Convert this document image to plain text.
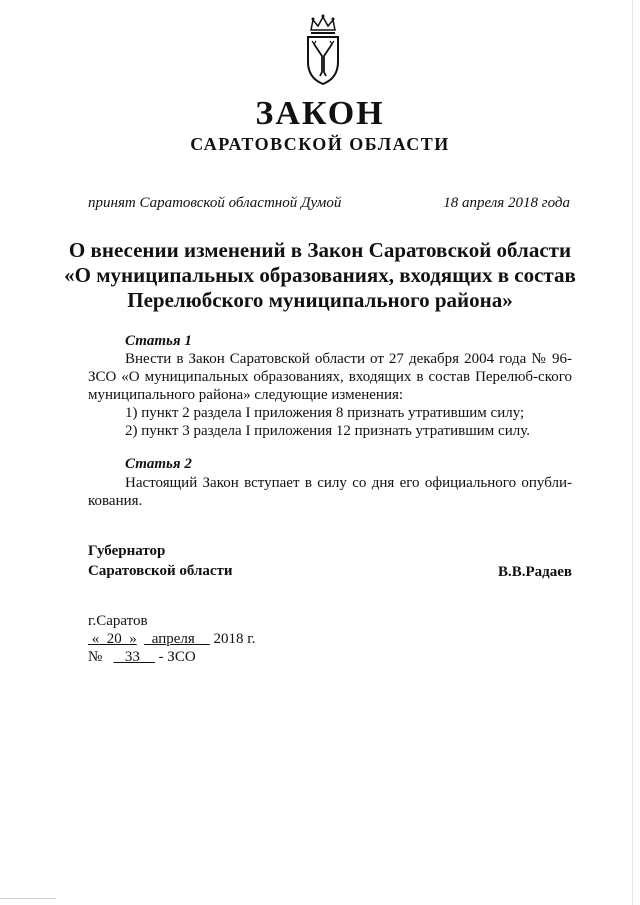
ЗАКОН
САРАТОВСКОЙ ОБЛАСТИ
принят Саратовской областной Думой	18 апреля 2018 года
О внесении изменений в Закон Саратовской области
«О муниципальных образованиях, входящих в состав
Перелюбского муниципального района»
Статья 1
Внести в Закон Саратовской области от 27 декабря 2004 года № 96-ЗСО «О муниципальных образованиях, входящих в состав Перелюб-ского муниципального района» следующие изменения:
1) пункт 2 раздела I приложения 8 признать утратившим силу;
2) пункт 3 раздела I приложения 12 признать утратившим силу.
Статья 2
Настоящий Закон вступает в силу со дня его официального опубли-кования.
Губернатор
Саратовской области	В.В.Радаев
г.Саратов
« 20 » апреля 2018 г.
№ 33 - ЗСО
